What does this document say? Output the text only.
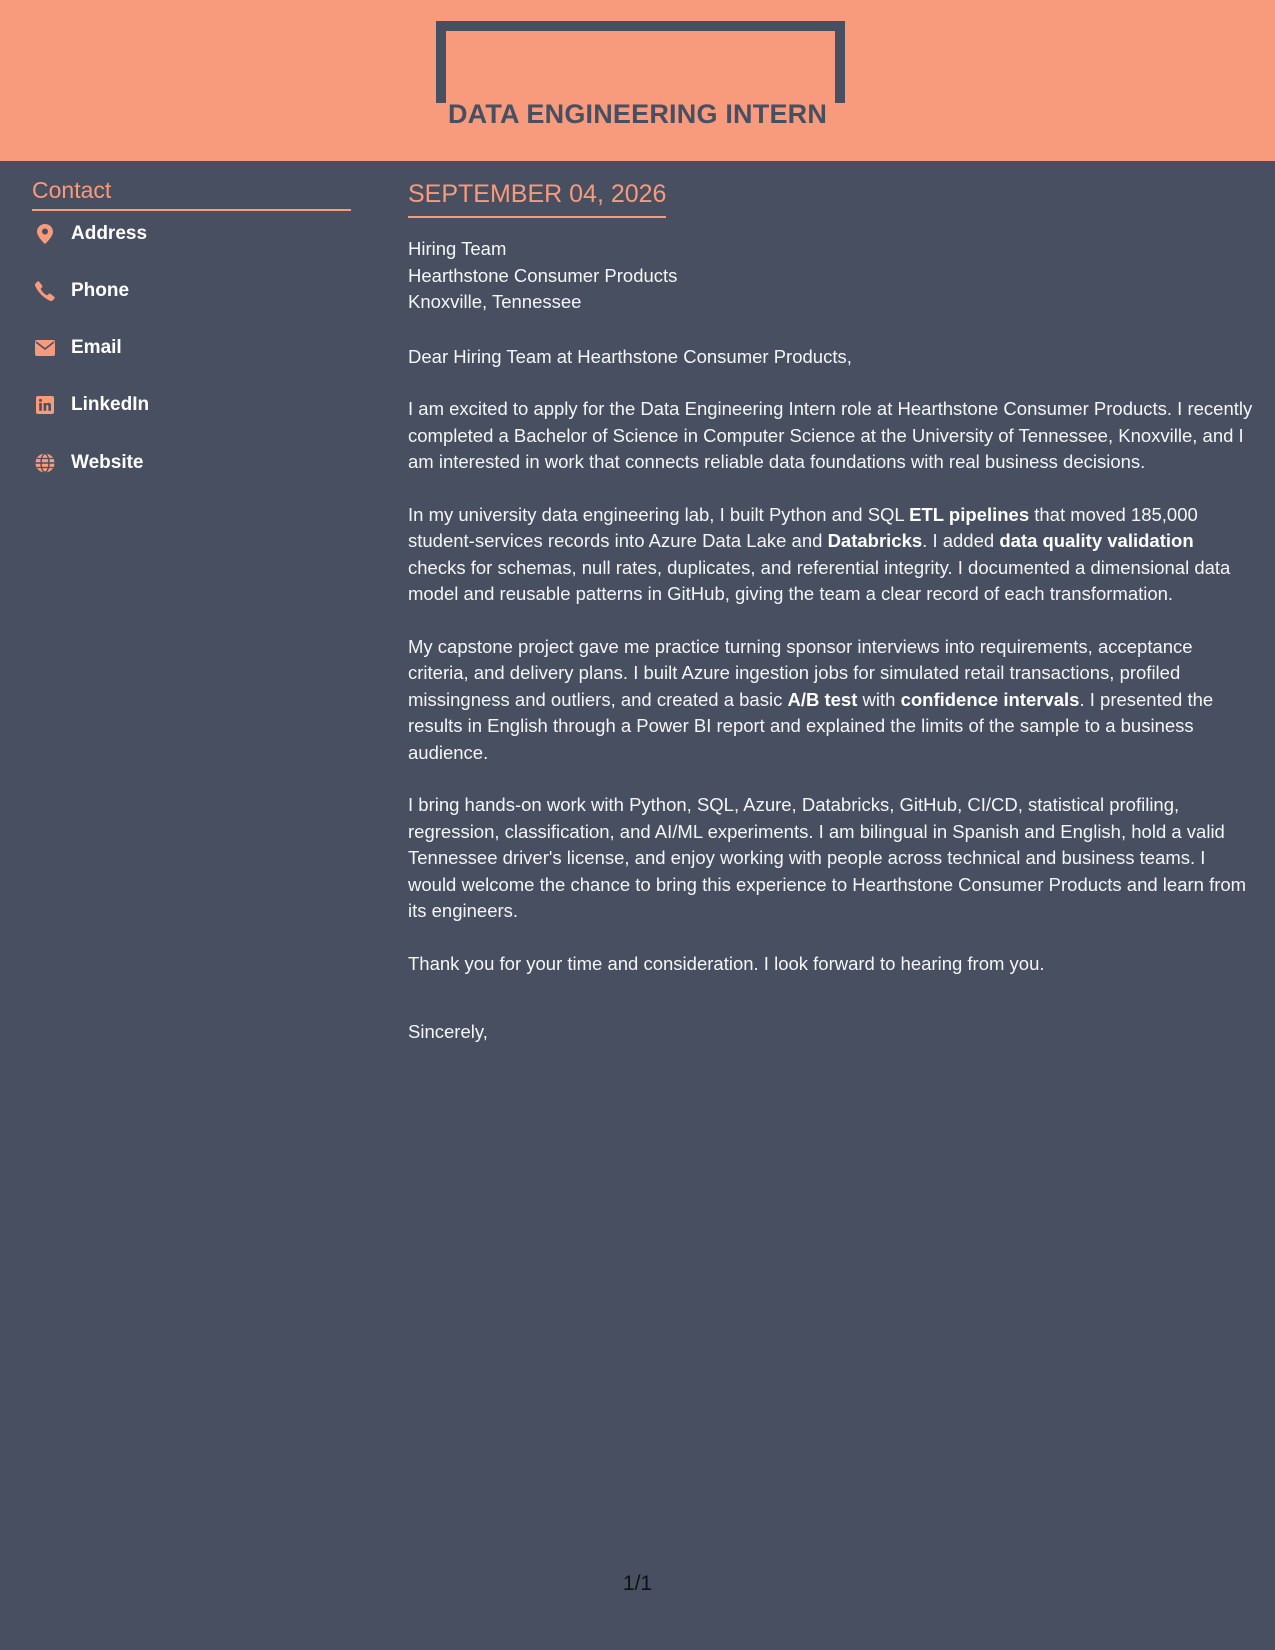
DATA ENGINEERING INTERN
Contact
Address
Phone
Email
LinkedIn
Website
SEPTEMBER 04, 2026
Hiring Team
Hearthstone Consumer Products
Knoxville, Tennessee
Dear Hiring Team at Hearthstone Consumer Products,
I am excited to apply for the Data Engineering Intern role at Hearthstone Consumer Products. I recently completed a Bachelor of Science in Computer Science at the University of Tennessee, Knoxville, and I am interested in work that connects reliable data foundations with real business decisions.
In my university data engineering lab, I built Python and SQL ETL pipelines that moved 185,000 student-services records into Azure Data Lake and Databricks. I added data quality validation checks for schemas, null rates, duplicates, and referential integrity. I documented a dimensional data model and reusable patterns in GitHub, giving the team a clear record of each transformation.
My capstone project gave me practice turning sponsor interviews into requirements, acceptance criteria, and delivery plans. I built Azure ingestion jobs for simulated retail transactions, profiled missingness and outliers, and created a basic A/B test with confidence intervals. I presented the results in English through a Power BI report and explained the limits of the sample to a business audience.
I bring hands-on work with Python, SQL, Azure, Databricks, GitHub, CI/CD, statistical profiling, regression, classification, and AI/ML experiments. I am bilingual in Spanish and English, hold a valid Tennessee driver's license, and enjoy working with people across technical and business teams. I would welcome the chance to bring this experience to Hearthstone Consumer Products and learn from its engineers.
Thank you for your time and consideration. I look forward to hearing from you.
Sincerely,
1/1
